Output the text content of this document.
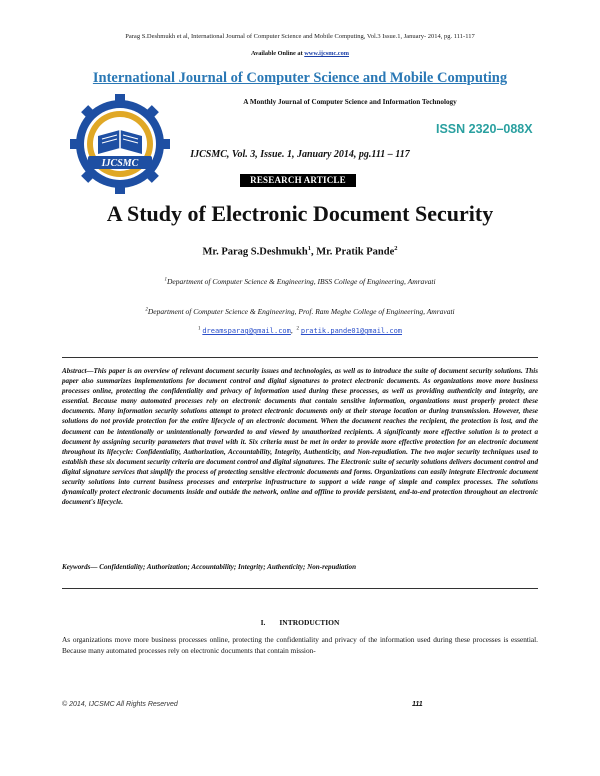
Parag S.Deshmukh et al, International Journal of Computer Science and Mobile Computing, Vol.3 Issue.1, January- 2014, pg. 111-117
Available Online at www.ijcsmc.com
International Journal of Computer Science and Mobile Computing
IJCSMC
A Monthly Journal of Computer Science and Information Technology
ISSN 2320–088X
IJCSMC, Vol. 3, Issue. 1, January 2014, pg.111 – 117
RESEARCH ARTICLE
A Study of Electronic Document Security
Mr. Parag S.Deshmukh$^1$, Mr. Pratik Pande$^2$
$^1$Department of Computer Science & Engineering, IBSS College of Engineering, Amravati
$^2$Department of Computer Science & Engineering, Prof. Ram Meghe College of Engineering, Amravati
$^1$ dreamsparag@gmail.com,  $^2$ pratik.pande01@gmail.com
Abstract—This paper is an overview of relevant document security issues and technologies, as well as to introduce the suite of document security solutions. This paper also summarizes implementations for document control and digital signatures to protect electronic documents. As organizations move more business processes online, protecting the confidentiality and privacy of information used during these processes, as well as providing authenticity and integrity, are essential. Because many automated processes rely on electronic documents that contain sensitive information, organizations must properly protect these documents. Many information security solutions attempt to protect electronic documents only at their storage location or during transmission. However, these solutions do not provide protection for the entire lifecycle of an electronic document. When the document reaches the recipient, the protection is lost, and the document can be intentionally or unintentionally forwarded to and viewed by unauthorized recipients. A significantly more effective solution is to protect a document by assigning security parameters that travel with it. Six criteria must be met in order to provide more effective protection for an electronic document throughout its lifecycle: Confidentiality, Authorization, Accountability, Integrity, Authenticity, and Non-repudiation. The two major security techniques used to establish these six document security criteria are document control and digital signatures. The Electronic suite of security solutions delivers document control and digital signature services that simplify the process of protecting sensitive electronic documents and forms. Organizations can easily integrate Electronic document security solutions into current business processes and enterprise infrastructure to support a wide range of simple and complex processes. The solutions dynamically protect electronic documents inside and outside the network, online and offline to provide persistent, end-to-end protection throughout an electronic document's lifecycle.
Keywords— Confidentiality; Authorization; Accountability; Integrity; Authenticity; Non-repudiation
I. INTRODUCTION
As organizations move more business processes online, protecting the confidentiality and privacy of the information used during these processes is essential. Because many automated processes rely on electronic documents that contain mission-
© 2014, IJCSMC All Rights Reserved	111
